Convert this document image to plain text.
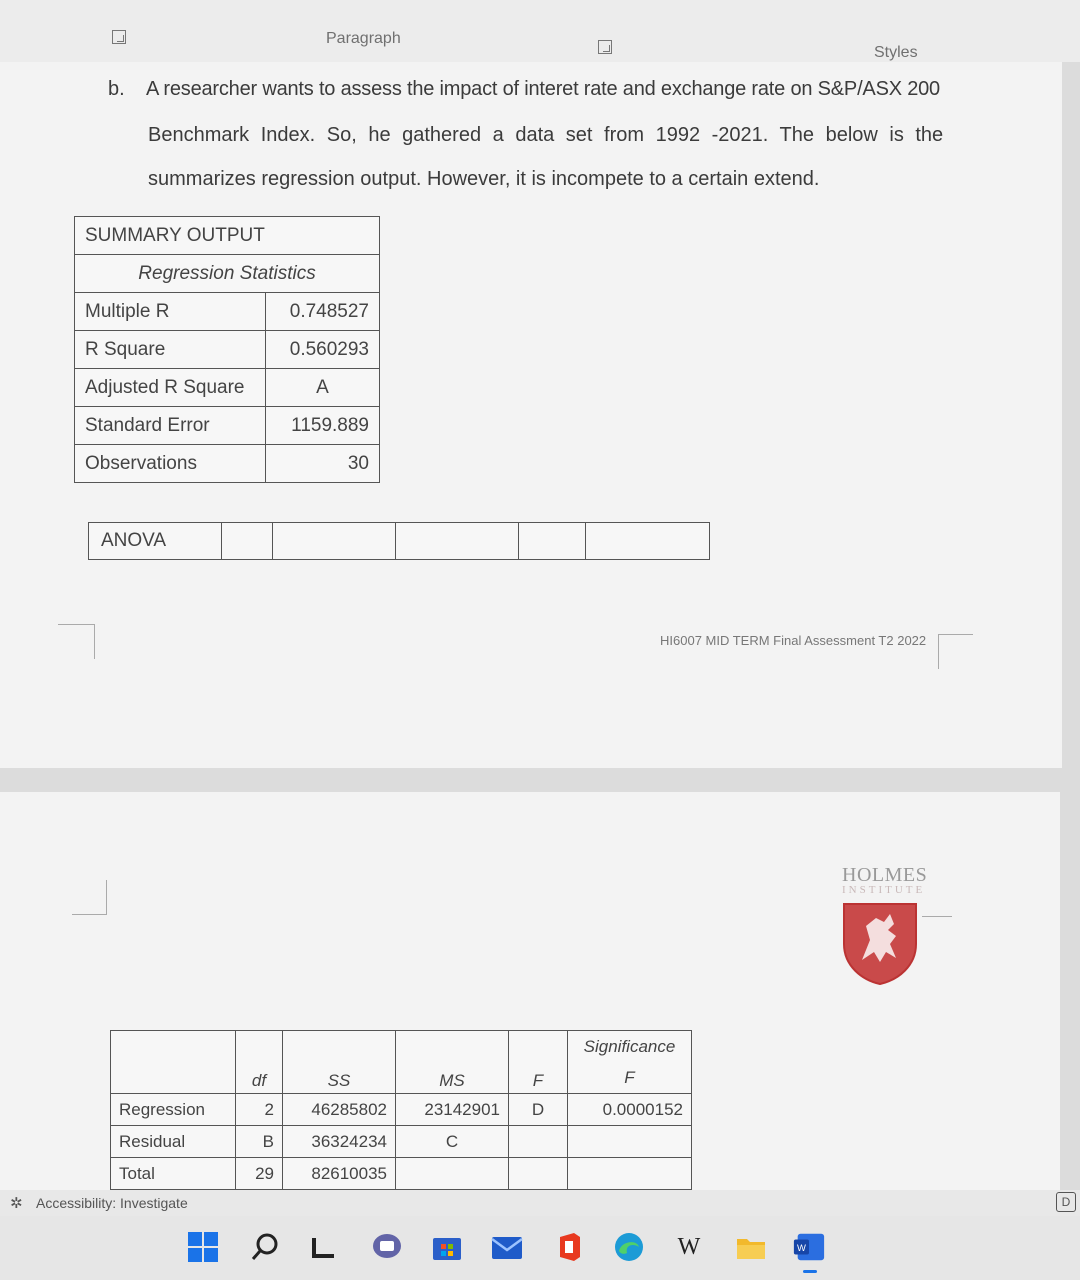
Paragraph
Styles
b. A researcher wants to assess the impact of interet rate and exchange rate on S&P/ASX 200
Benchmark Index. So, he gathered a data set from 1992 -2021. The below is the
summarizes regression output. However, it is incompete to a certain extend.
SUMMARY OUTPUT	
Regression Statistics	
Multiple R	0.748527
R Square	0.560293
Adjusted R Square	A
Standard Error	1159.889
Observations	30
ANOVA					
HI6007 MID TERM Final Assessment T2 2022
HOLMES
INSTITUTE
	df	SS	MS	F	Significance
					F
Regression	2	46285802	23142901	D	0.0000152
Residual	B	36324234	C		
Total	29	82610035			
✲ Accessibility: Investigate	D
W	W
